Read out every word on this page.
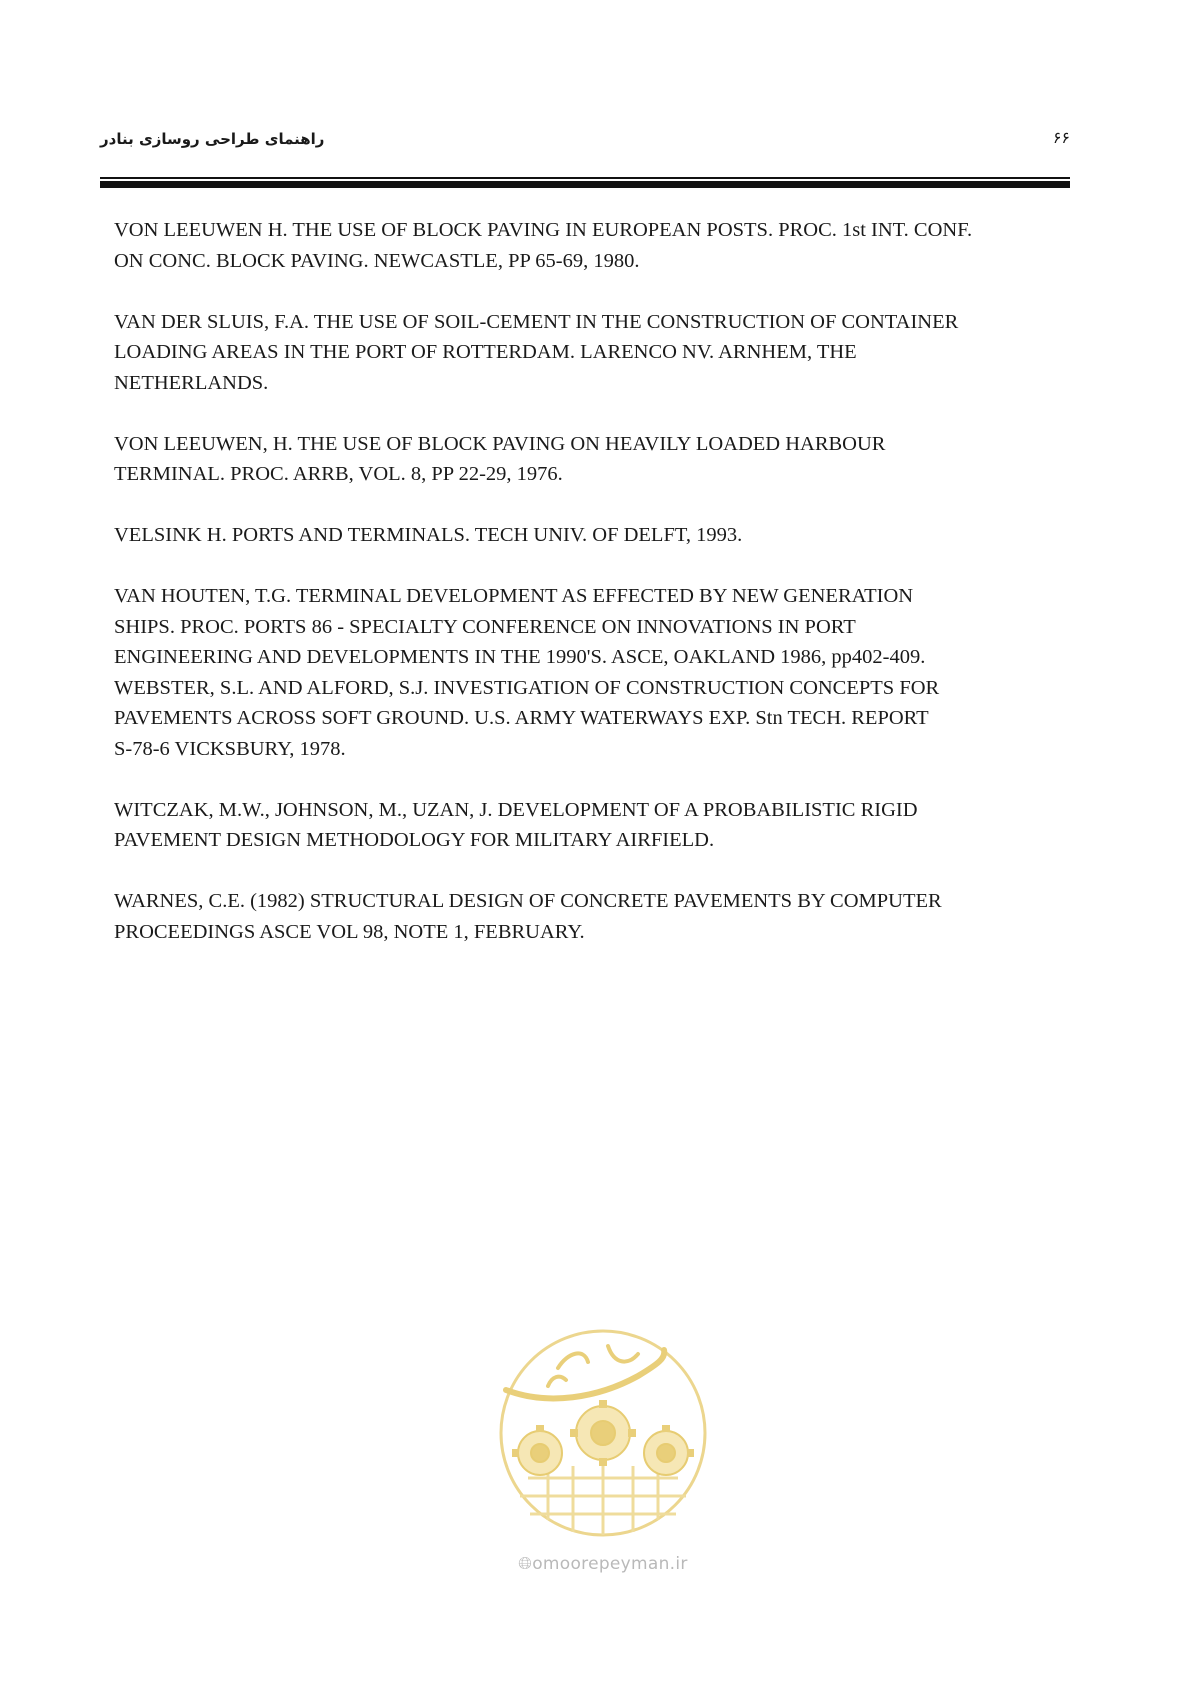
راهنمای طراحی روسازی بنادر	۶۶

VON LEEUWEN H. THE USE OF BLOCK PAVING IN EUROPEAN POSTS. PROC. 1st INT. CONF.
ON CONC. BLOCK PAVING. NEWCASTLE, PP 65-69, 1980.

VAN DER SLUIS, F.A. THE USE OF SOIL-CEMENT IN THE CONSTRUCTION OF CONTAINER
LOADING AREAS IN THE PORT OF ROTTERDAM. LARENCO NV. ARNHEM, THE
NETHERLANDS.

VON LEEUWEN, H. THE USE OF BLOCK PAVING ON HEAVILY LOADED HARBOUR
TERMINAL. PROC. ARRB, VOL. 8, PP 22-29, 1976.

VELSINK H. PORTS AND TERMINALS. TECH UNIV. OF DELFT, 1993.

VAN HOUTEN, T.G. TERMINAL DEVELOPMENT AS EFFECTED BY NEW GENERATION
SHIPS. PROC. PORTS 86 - SPECIALTY CONFERENCE ON INNOVATIONS IN PORT
ENGINEERING AND DEVELOPMENTS IN THE 1990'S. ASCE, OAKLAND 1986, pp402-409.
WEBSTER, S.L. AND ALFORD, S.J. INVESTIGATION OF CONSTRUCTION CONCEPTS FOR
PAVEMENTS ACROSS SOFT GROUND. U.S. ARMY WATERWAYS EXP. Stn TECH. REPORT
S-78-6 VICKSBURY, 1978.

WITCZAK, M.W., JOHNSON, M., UZAN, J. DEVELOPMENT OF A PROBABILISTIC RIGID
PAVEMENT DESIGN METHODOLOGY FOR MILITARY AIRFIELD.

WARNES, C.E. (1982) STRUCTURAL DESIGN OF CONCRETE PAVEMENTS BY COMPUTER
PROCEEDINGS ASCE VOL 98, NOTE 1, FEBRUARY.

🌐︎omoorepeyman.ir
